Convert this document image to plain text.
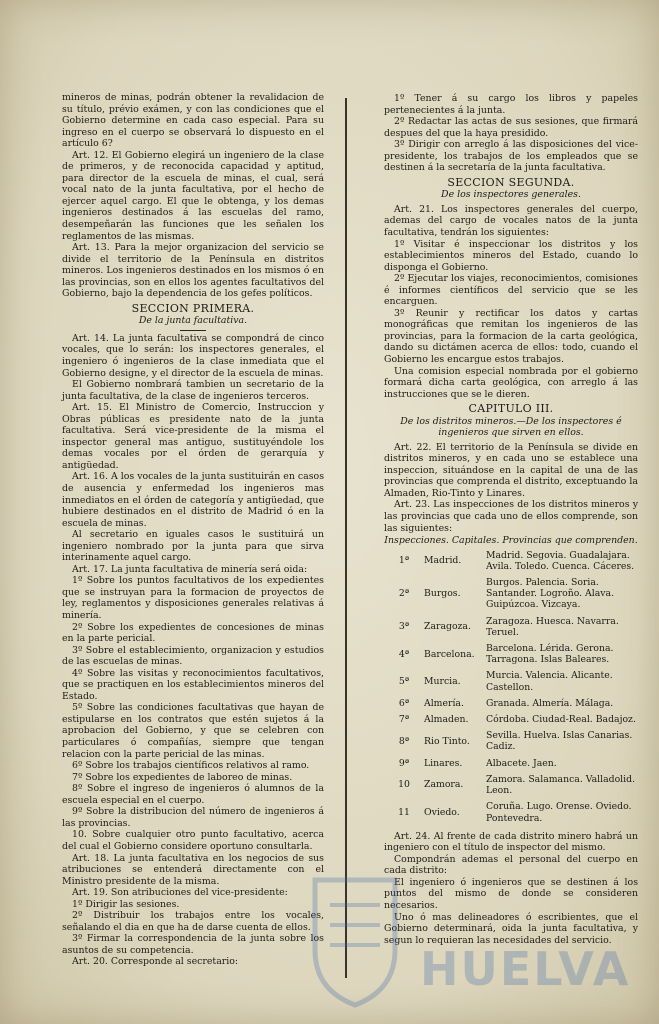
mineros de minas, podrán obtener la revalidacion de su título, prévio exámen, y con las condiciones que el Gobierno determine en cada caso especial. Para su ingreso en el cuerpo se observará lo dispuesto en el artículo 6?

Art. 12. El Gobierno elegirá un ingeniero de la clase de primeros, y de reconocida capacidad y aptitud, para director de la escuela de minas, el cual, será vocal nato de la junta facultativa, por el hecho de ejercer aquel cargo. El que le obtenga, y los demas ingenieros destinados á las escuelas del ramo, desempeñarán las funciones que les señalen los reglamentos de las mismas.

Art. 13. Para la mejor organizacion del servicio se divide el territorio de la Península en distritos mineros. Los ingenieros destinados en los mismos ó en las provincias, son en ellos los agentes facultativos del Gobierno, bajo la dependencia de los gefes políticos.

SECCION PRIMERA.
De la junta facultativa.

Art. 14. La junta facultativa se compondrá de cinco vocales, que lo serán: los inspectores generales, el ingeniero ó ingenieros de la clase inmediata que el Gobierno designe, y el director de la escuela de minas.

El Gobierno nombrará tambien un secretario de la junta facultativa, de la clase de ingenieros terceros.

Art. 15. El Ministro de Comercio, Instruccion y Obras públicas es presidente nato de la junta facultativa. Será vice-presidente de la misma el inspector general mas antiguo, sustituyéndole los demas vocales por el órden de gerarquía y antigüedad.

Art. 16. A los vocales de la junta sustituirán en casos de ausencia y enfermedad los ingenieros mas inmediatos en el órden de categoría y antigüedad, que hubiere destinados en el distrito de Madrid ó en la escuela de minas.

Al secretario en iguales casos le sustituirá un ingeniero nombrado por la junta para que sirva interinamente aquel cargo.

Art. 17. La junta facultativa de minería será oida:

1º Sobre los puntos facultativos de los expedientes que se instruyan para la formacion de proyectos de ley, reglamentos y disposiciones generales relativas á minería.

2º Sobre los expedientes de concesiones de minas en la parte pericial.

3º Sobre el establecimiento, organizacion y estudios de las escuelas de minas.

4º Sobre las visitas y reconocimientos facultativos, que se practiquen en los establecimientos mineros del Estado.

5º Sobre las condiciones facultativas que hayan de estipularse en los contratos que estén sujetos á la aprobacion del Gobierno, y que se celebren con particulares ó compañías, siempre que tengan relacion con la parte pericial de las minas.

6º Sobre los trabajos científicos relativos al ramo.

7º Sobre los expedientes de laboreo de minas.

8º Sobre el ingreso de ingenieros ó alumnos de la escuela especial en el cuerpo.

9º Sobre la distribucion del número de ingenieros á las provincias.

10. Sobre cualquier otro punto facultativo, acerca del cual el Gobierno considere oportuno consultarla.

Art. 18. La junta facultativa en los negocios de sus atribuciones se entenderá directamente con el Ministro presidente de la misma.

Art. 19. Son atribuciones del vice-presidente:

1º Dirigir las sesiones.

2º Distribuir los trabajos entre los vocales, señalando el dia en que ha de darse cuenta de ellos.

3º Firmar la correspondencia de la junta sobre los asuntos de su competencia.

Art. 20. Corresponde al secretario:

1º Tener á su cargo los libros y papeles pertenecientes á la junta.

2º Redactar las actas de sus sesiones, que firmará despues del que la haya presidido.

3º Dirigir con arreglo á las disposiciones del vice-presidente, los trabajos de los empleados que se destinen á la secretaría de la junta facultativa.

SECCION SEGUNDA.
De los inspectores generales.

Art. 21. Los inspectores generales del cuerpo, ademas del cargo de vocales natos de la junta facultativa, tendrán los siguientes:

1º Visitar é inspeccionar los distritos y los establecimientos mineros del Estado, cuando lo disponga el Gobierno.

2º Ejecutar los viajes, reconocimientos, comisiones é informes científicos del servicio que se les encarguen.

3º Reunir y rectificar los datos y cartas monográficas que remitan los ingenieros de las provincias, para la formacion de la carta geológica, dando su dictámen acerca de ellos: todo, cuando el Gobierno les encargue estos trabajos.

Una comision especial nombrada por el gobierno formará dicha carta geológica, con arreglo á las instrucciones que se le dieren.

CAPITULO III.
De los distritos mineros.—De los inspectores é ingenieros que sirven en ellos.

Art. 22. El territorio de la Península se divide en distritos mineros, y en cada uno se establece una inspeccion, situándose en la capital de una de las provincias que comprenda el distrito, exceptuando la Almaden, Rio-Tinto y Linares.

Art. 23. Las inspecciones de los distritos mineros y las provincias que cada uno de ellos comprende, son las siguientes:

Inspecciones. Capitales. Provincias que comprenden.
1ª	Madrid.	Madrid. Segovia. Guadalajara. Avila. Toledo. Cuenca. Cáceres.
2ª	Burgos.	Burgos. Palencia. Soria. Santander. Logroño. Alava. Guipúzcoa. Vizcaya.
3ª	Zaragoza.	Zaragoza. Huesca. Navarra. Teruel.
4ª	Barcelona.	Barcelona. Lérida. Gerona. Tarragona. Islas Baleares.
5ª	Murcia.	Murcia. Valencia. Alicante. Castellon.
6ª	Almería.	Granada. Almería. Málaga.
7ª	Almaden.	Córdoba. Ciudad-Real. Badajoz.
8ª	Rio Tinto.	Sevilla. Huelva. Islas Canarias. Cadiz.
9ª	Linares.	Albacete. Jaen.
10	Zamora.	Zamora. Salamanca. Valladolid. Leon.
11	Oviedo.	Coruña. Lugo. Orense. Oviedo. Pontevedra.

Art. 24. Al frente de cada distrito minero habrá un ingeniero con el título de inspector del mismo.

Compondrán ademas el personal del cuerpo en cada distrito:

El ingeniero ó ingenieros que se destinen á los puntos del mismo de donde se consideren necesarios.

Uno ó mas delineadores ó escribientes, que el Gobierno determinará, oida la junta facultativa, y segun lo requieran las necesidades del servicio.

HUELVA
